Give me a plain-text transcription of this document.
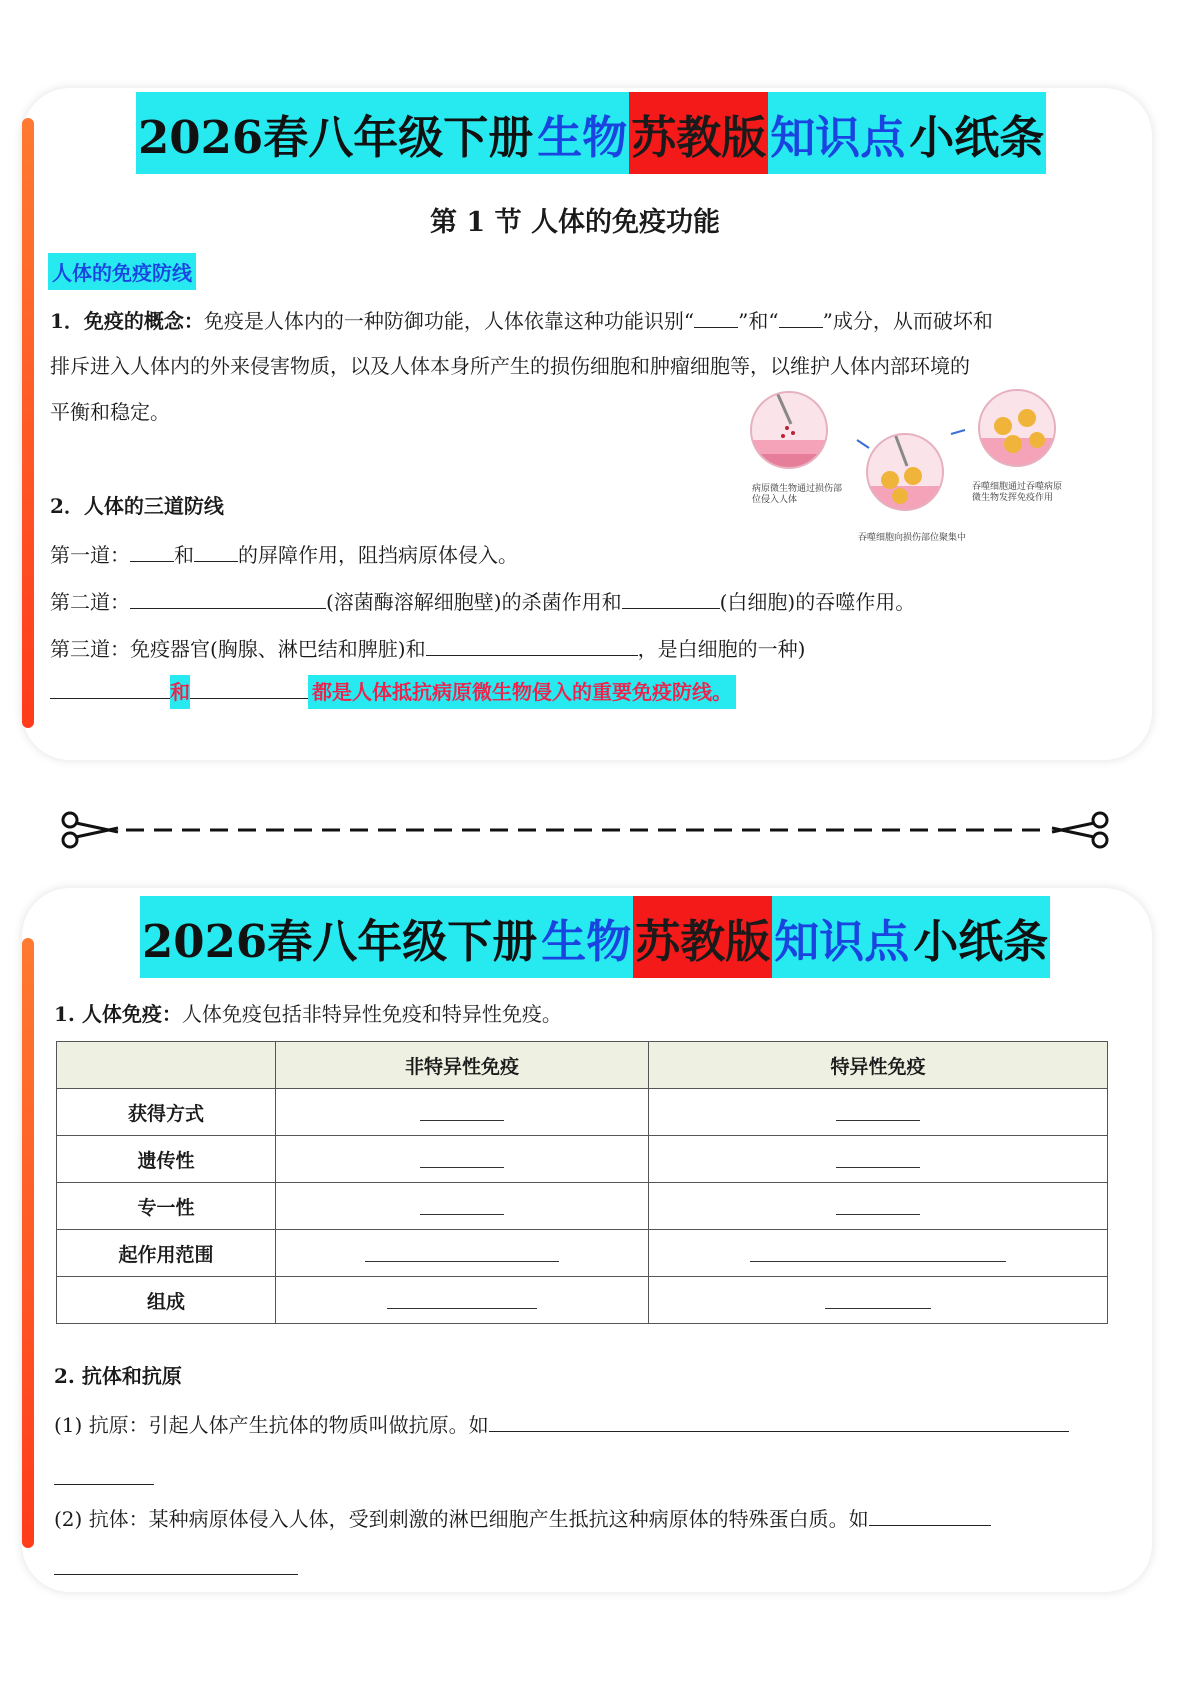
2026春八年级下册 生物 苏教版 知识点 小纸条
第 1 节 人体的免疫功能
人体的免疫防线
1．免疫的概念：免疫是人体内的一种防御功能，人体依靠这种功能识别“ ”和“ ”成分，从而破坏和
排斥进入人体内的外来侵害物质，以及人体本身所产生的损伤细胞和肿瘤细胞等，以维护人体内部环境的
平衡和稳定。
病原微生物通过损伤部位侵入人体
吞噬细胞向损伤部位聚集中
吞噬细胞通过吞噬病原微生物发挥免疫作用
2．人体的三道防线
第一道： 和 的屏障作用，阻挡病原体侵入。
第二道：	(溶菌酶溶解细胞壁)的杀菌作用和	(白细胞)的吞噬作用。
第三道：免疫器官(胸腺、淋巴结和脾脏)和	，是白细胞的一种)
和	都是人体抵抗病原微生物侵入的重要免疫防线。
2026春八年级下册 生物 苏教版 知识点 小纸条
1. 人体免疫：人体免疫包括非特异性免疫和特异性免疫。
	非特异性免疫	特异性免疫
获得方式		
遗传性		
专一性		
起作用范围		
组成		
2. 抗体和抗原
(1) 抗原：引起人体产生抗体的物质叫做抗原。如
(2) 抗体：某种病原体侵入人体，受到刺激的淋巴细胞产生抵抗这种病原体的特殊蛋白质。如
